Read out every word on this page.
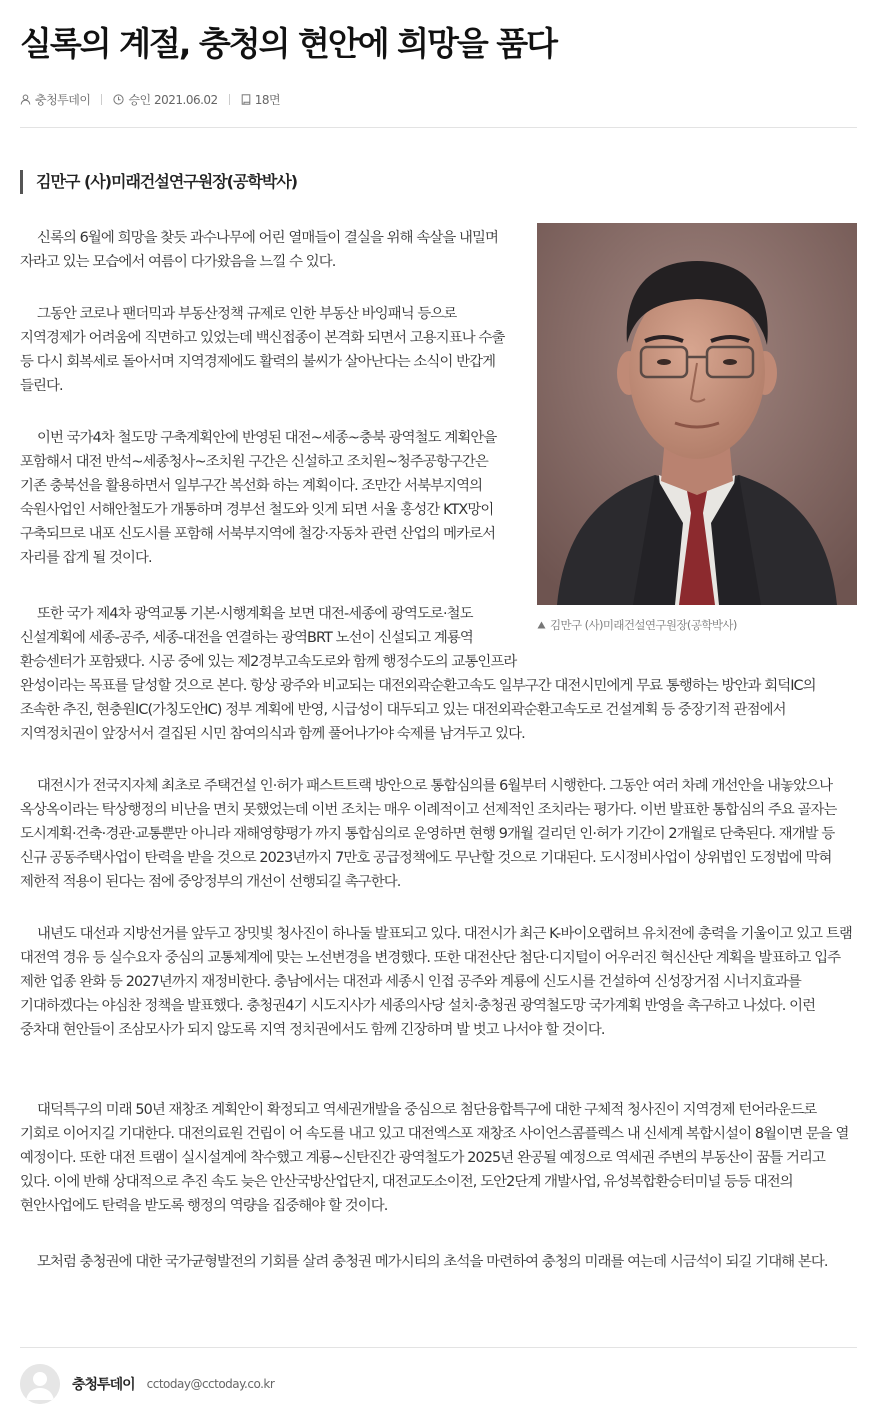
실록의 계절, 충청의 현안에 희망을 품다
충청투데이	승인 2021.06.02	18면
김만구 (사)미래건설연구원장(공학박사)
김만구 (사)미래건설연구원장(공학박사)

신록의 6월에 희망을 찾듯 과수나무에 어린 열매들이 결실을 위해 속살을 내밀며 자라고 있는 모습에서 여름이 다가왔음을 느낄 수 있다.

그동안 코로나 팬더믹과 부동산정책 규제로 인한 부동산 바잉패닉 등으로 지역경제가 어려움에 직면하고 있었는데 백신접종이 본격화 되면서 고용지표나 수출 등 다시 회복세로 돌아서며 지역경제에도 활력의 불씨가 살아난다는 소식이 반갑게 들린다.

이번 국가4차 철도망 구축계획안에 반영된 대전~세종~충북 광역철도 계획안을 포함해서 대전 반석~세종청사~조치원 구간은 신설하고 조치원~청주공항구간은 기존 충북선을 활용하면서 일부구간 복선화 하는 계획이다. 조만간 서북부지역의 숙원사업인 서해안철도가 개통하며 경부선 철도와 잇게 되면 서울 홍성간 KTX망이 구축되므로 내포 신도시를 포함해 서북부지역에 철강·자동차 관련 산업의 메카로서 자리를 잡게 될 것이다.

또한 국가 제4차 광역교통 기본·시행계획을 보면 대전-세종에 광역도로·철도 신설계획에 세종-공주, 세종-대전을 연결하는 광역BRT 노선이 신설되고 계룡역 환승센터가 포함됐다. 시공 중에 있는 제2경부고속도로와 함께 행정수도의 교통인프라 완성이라는 목표를 달성할 것으로 본다. 항상 광주와 비교되는 대전외곽순환고속도 일부구간 대전시민에게 무료 통행하는 방안과 회덕IC의 조속한 추진, 현충원IC(가칭도안IC) 정부 계획에 반영, 시급성이 대두되고 있는 대전외곽순환고속도로 건설계획 등 중장기적 관점에서 지역정치권이 앞장서서 결집된 시민 참여의식과 함께 풀어나가야 숙제를 남겨두고 있다.

대전시가 전국지자체 최초로 주택건설 인·허가 패스트트랙 방안으로 통합심의를 6월부터 시행한다. 그동안 여러 차례 개선안을 내놓았으나 옥상옥이라는 탁상행정의 비난을 면치 못했었는데 이번 조치는 매우 이례적이고 선제적인 조치라는 평가다. 이번 발표한 통합심의 주요 골자는 도시계획·건축·경관·교통뿐만 아니라 재해영향평가 까지 통합심의로 운영하면 현행 9개월 걸리던 인·허가 기간이 2개월로 단축된다. 재개발 등 신규 공동주택사업이 탄력을 받을 것으로 2023년까지 7만호 공급정책에도 무난할 것으로 기대된다. 도시정비사업이 상위법인 도정법에 막혀 제한적 적용이 된다는 점에 중앙정부의 개선이 선행되길 촉구한다.

내년도 대선과 지방선거를 앞두고 장밋빛 청사진이 하나둘 발표되고 있다. 대전시가 최근 K-바이오랩허브 유치전에 총력을 기울이고 있고 트램 대전역 경유 등 실수요자 중심의 교통체계에 맞는 노선변경을 변경했다. 또한 대전산단 첨단·디지털이 어우러진 혁신산단 계획을 발표하고 입주 제한 업종 완화 등 2027년까지 재정비한다. 충남에서는 대전과 세종시 인접 공주와 계룡에 신도시를 건설하여 신성장거점 시너지효과를 기대하겠다는 야심찬 정책을 발표했다. 충청권4기 시도지사가 세종의사당 설치·충청권 광역철도망 국가계획 반영을 촉구하고 나섰다. 이런 중차대 현안들이 조삼모사가 되지 않도록 지역 정치권에서도 함께 긴장하며 발 벗고 나서야 할 것이다.

대덕특구의 미래 50년 재창조 계획안이 확정되고 역세권개발을 중심으로 첨단융합특구에 대한 구체적 청사진이 지역경제 턴어라운드로 기회로 이어지길 기대한다. 대전의료원 건립이 어 속도를 내고 있고 대전엑스포 재창조 사이언스콤플렉스 내 신세계 복합시설이 8월이면 문을 열 예정이다. 또한 대전 트램이 실시설계에 착수했고 계룡~신탄진간 광역철도가 2025년 완공될 예정으로 역세권 주변의 부동산이 꿈틀 거리고 있다. 이에 반해 상대적으로 추진 속도 늦은 안산국방산업단지, 대전교도소이전, 도안2단계 개발사업, 유성복합환승터미널 등등 대전의 현안사업에도 탄력을 받도록 행정의 역량을 집중해야 할 것이다.

모처럼 충청권에 대한 국가균형발전의 기회를 살려 충청권 메가시티의 초석을 마련하여 충청의 미래를 여는데 시금석이 되길 기대해 본다.

충청투데이 cctoday@cctoday.co.kr
